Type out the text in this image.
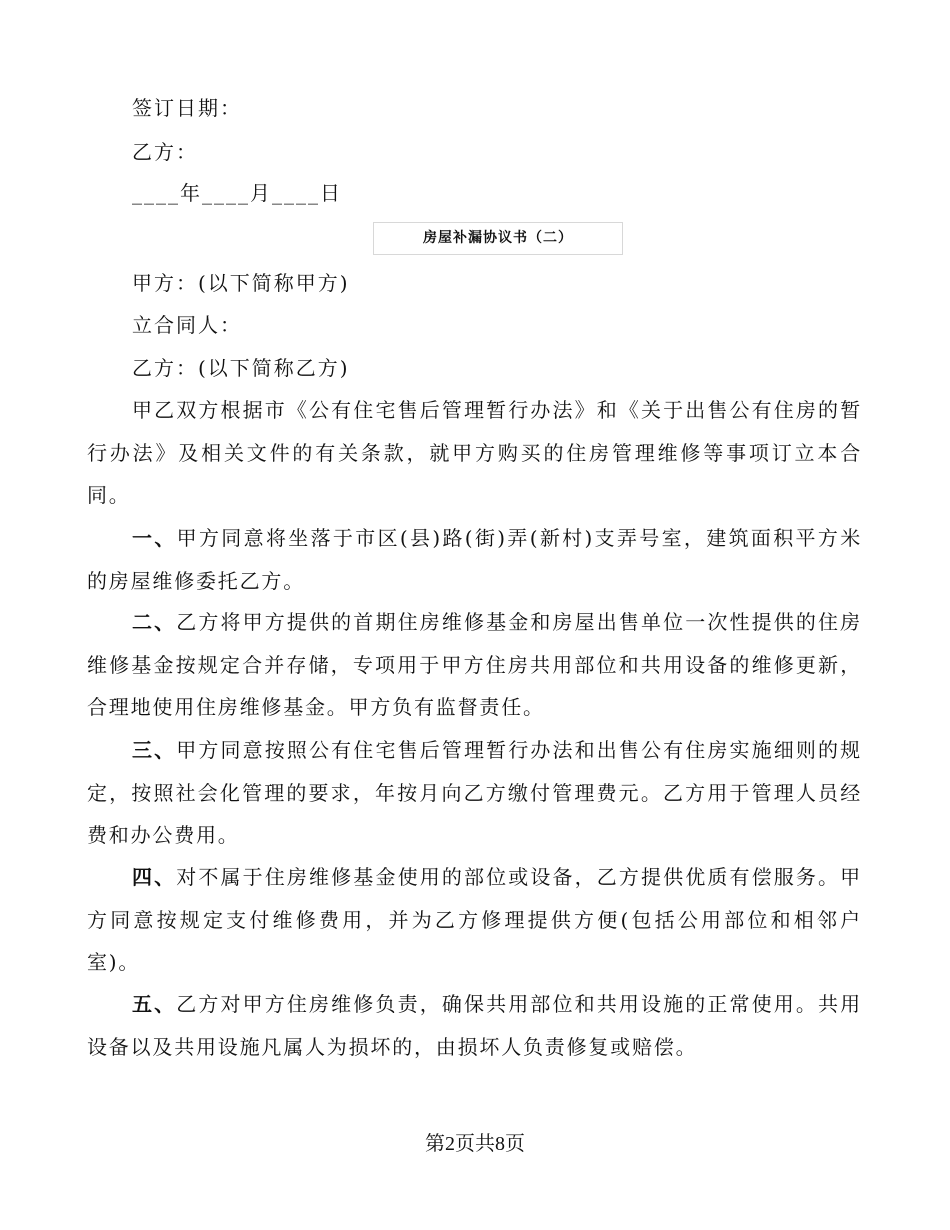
签订日期：
乙方：
____年____月____日
房屋补漏协议书（二）
甲方：(以下简称甲方)
立合同人：
乙方：(以下简称乙方)
甲乙双方根据市《公有住宅售后管理暂行办法》和《关于出售公有住房的暂行办法》及相关文件的有关条款，就甲方购买的住房管理维修等事项订立本合同。
一、甲方同意将坐落于市区(县)路(街)弄(新村)支弄号室，建筑面积平方米的房屋维修委托乙方。
二、乙方将甲方提供的首期住房维修基金和房屋出售单位一次性提供的住房维修基金按规定合并存储，专项用于甲方住房共用部位和共用设备的维修更新，合理地使用住房维修基金。甲方负有监督责任。
三、甲方同意按照公有住宅售后管理暂行办法和出售公有住房实施细则的规定，按照社会化管理的要求，年按月向乙方缴付管理费元。乙方用于管理人员经费和办公费用。
四、对不属于住房维修基金使用的部位或设备，乙方提供优质有偿服务。甲方同意按规定支付维修费用，并为乙方修理提供方便(包括公用部位和相邻户室)。
五、乙方对甲方住房维修负责，确保共用部位和共用设施的正常使用。共用设备以及共用设施凡属人为损坏的，由损坏人负责修复或赔偿。
第2页共8页
